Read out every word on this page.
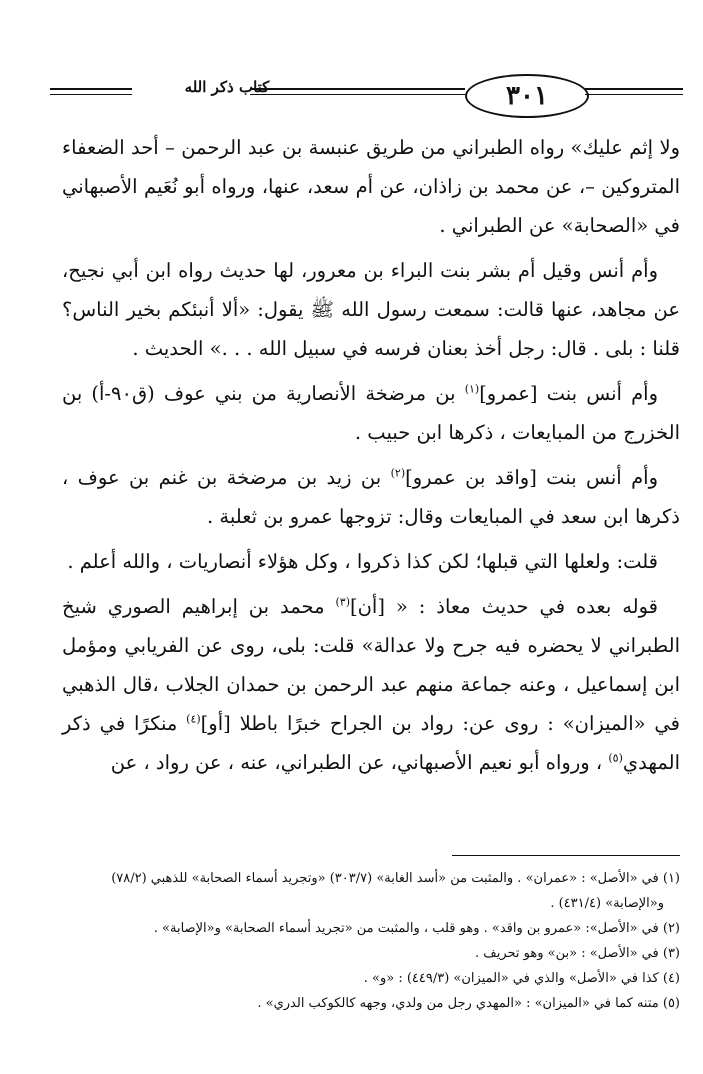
كتاب ذكر الله	٣٠١

ولا إثم عليك» رواه الطبراني من طريق عنبسة بن عبد الرحمن – أحد الضعفاء المتروكين –، عن محمد بن زاذان، عن أم سعد، عنها، ورواه أبو نُعَيم الأصبهاني في «الصحابة» عن الطبراني .

وأم أنس وقيل أم بشر بنت البراء بن معرور، لها حديث رواه ابن أبي نجيح، عن مجاهد، عنها قالت: سمعت رسول الله ﷺ يقول: «ألا أنبئكم بخير الناس؟ قلنا : بلى . قال: رجل أخذ بعنان فرسه في سبيل الله . . .» الحديث .

وأم أنس بنت [عمرو]$^{(١)}$ بن مرضخة الأنصارية من بني عوف (ق٩٠-أ) بن الخزرج من المبايعات ، ذكرها ابن حبيب .

وأم أنس بنت [واقد بن عمرو]$^{(٢)}$ بن زيد بن مرضخة بن غنم بن عوف ، ذكرها ابن سعد في المبايعات وقال: تزوجها عمرو بن ثعلبة .

قلت: ولعلها التي قبلها؛ لكن كذا ذكروا ، وكل هؤلاء أنصاريات ، والله أعلم .

قوله بعده في حديث معاذ : « [أن]$^{(٣)}$ محمد بن إبراهيم الصوري شيخ الطبراني لا يحضره فيه جرح ولا عدالة» قلت: بلى، روى عن الفريابي ومؤمل ابن إسماعيل ، وعنه جماعة منهم عبد الرحمن بن حمدان الجلاب ،قال الذهبي في «الميزان» : روى عن: رواد بن الجراح خبرًا باطلا [أو]$^{(٤)}$ منكرًا في ذكر المهدي$^{(٥)}$ ، ورواه أبو نعيم الأصبهاني، عن الطبراني، عنه ، عن رواد ، عن

(١) في «الأصل» : «عمران» . والمثبت من «أسد الغابة» (٣٠٣/٧) «وتجريد أسماء الصحابة» للذهبي (٧٨/٢)

و«الإصابة» (٤٣١/٤) .

(٢) في «الأصل»: «عمرو بن واقد» . وهو قلب ، والمثبت من «تجريد أسماء الصحابة» و«الإصابة» .

(٣) في «الأصل» : «بن» وهو تحريف .

(٤) كذا في «الأصل» والذي في «الميزان» (٤٤٩/٣) : «و» .

(٥) متنه كما في «الميزان» : «المهدي رجل من ولدي، وجهه كالكوكب الدري» .
